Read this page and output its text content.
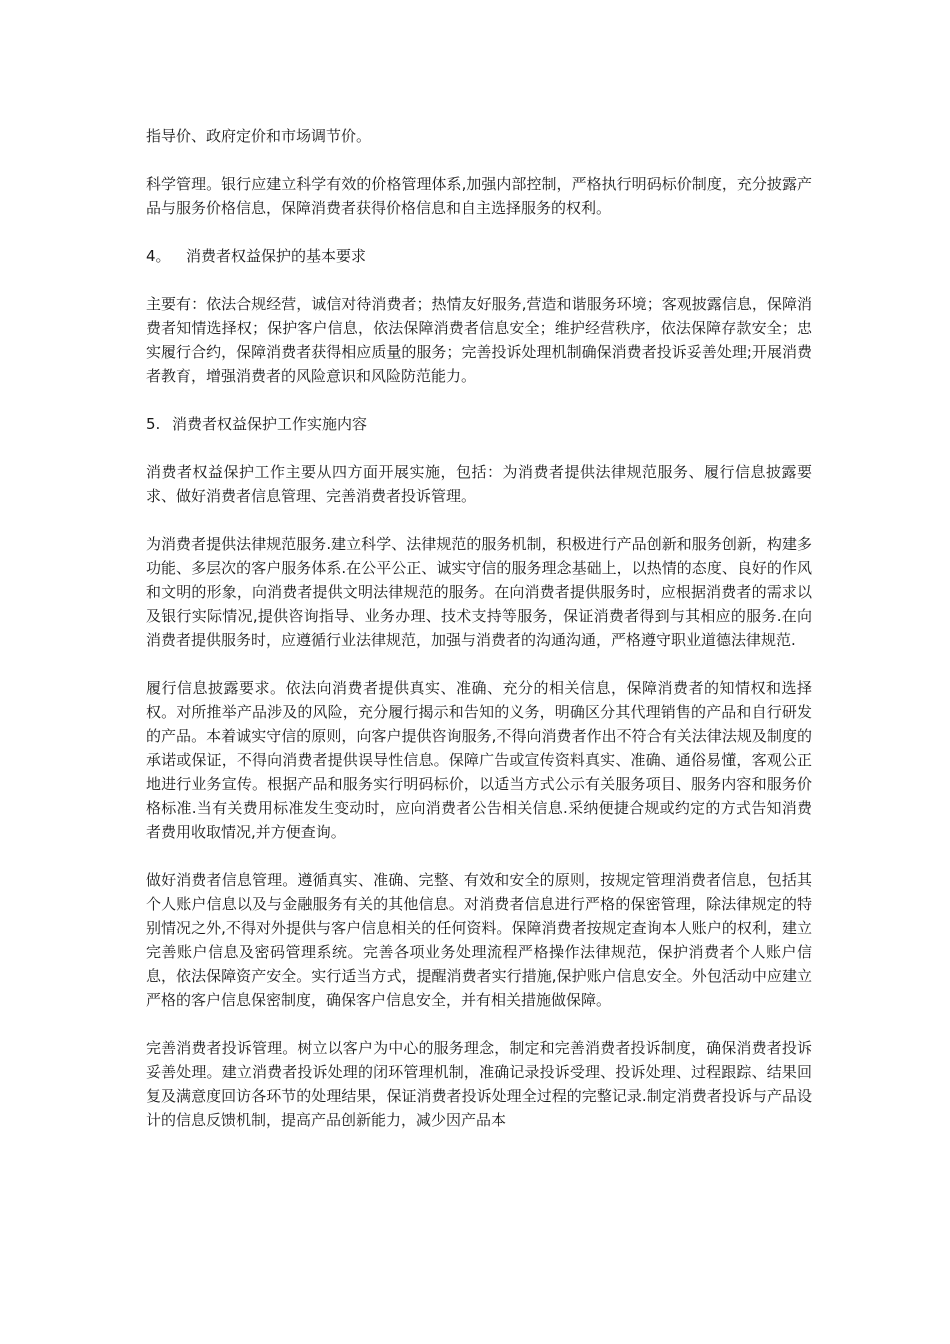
指导价、政府定价和市场调节价。

科学管理。银行应建立科学有效的价格管理体系,加强内部控制，严格执行明码标价制度，充分披露产品与服务价格信息，保障消费者获得价格信息和自主选择服务的权利。

4。 消费者权益保护的基本要求

主要有：依法合规经营，诚信对待消费者；热情友好服务,营造和谐服务环境；客观披露信息，保障消费者知情选择权；保护客户信息，依法保障消费者信息安全；维护经营秩序，依法保障存款安全；忠实履行合约，保障消费者获得相应质量的服务；完善投诉处理机制确保消费者投诉妥善处理;开展消费者教育，增强消费者的风险意识和风险防范能力。

5. 消费者权益保护工作实施内容

消费者权益保护工作主要从四方面开展实施，包括：为消费者提供法律规范服务、履行信息披露要求、做好消费者信息管理、完善消费者投诉管理。

为消费者提供法律规范服务.建立科学、法律规范的服务机制，积极进行产品创新和服务创新，构建多功能、多层次的客户服务体系.在公平公正、诚实守信的服务理念基础上，以热情的态度、良好的作风和文明的形象，向消费者提供文明法律规范的服务。在向消费者提供服务时，应根据消费者的需求以及银行实际情况,提供咨询指导、业务办理、技术支持等服务，保证消费者得到与其相应的服务.在向消费者提供服务时，应遵循行业法律规范，加强与消费者的沟通沟通，严格遵守职业道德法律规范.

履行信息披露要求。依法向消费者提供真实、准确、充分的相关信息，保障消费者的知情权和选择权。对所推举产品涉及的风险，充分履行揭示和告知的义务，明确区分其代理销售的产品和自行研发的产品。本着诚实守信的原则，向客户提供咨询服务,不得向消费者作出不符合有关法律法规及制度的承诺或保证，不得向消费者提供误导性信息。保障广告或宣传资料真实、准确、通俗易懂，客观公正地进行业务宣传。根据产品和服务实行明码标价，以适当方式公示有关服务项目、服务内容和服务价格标准.当有关费用标准发生变动时，应向消费者公告相关信息.采纳便捷合规或约定的方式告知消费者费用收取情况,并方便查询。

做好消费者信息管理。遵循真实、准确、完整、有效和安全的原则，按规定管理消费者信息，包括其个人账户信息以及与金融服务有关的其他信息。对消费者信息进行严格的保密管理，除法律规定的特别情况之外,不得对外提供与客户信息相关的任何资料。保障消费者按规定查询本人账户的权利，建立完善账户信息及密码管理系统。完善各项业务处理流程严格操作法律规范，保护消费者个人账户信息，依法保障资产安全。实行适当方式，提醒消费者实行措施,保护账户信息安全。外包活动中应建立严格的客户信息保密制度，确保客户信息安全，并有相关措施做保障。

完善消费者投诉管理。树立以客户为中心的服务理念，制定和完善消费者投诉制度，确保消费者投诉妥善处理。建立消费者投诉处理的闭环管理机制，准确记录投诉受理、投诉处理、过程跟踪、结果回复及满意度回访各环节的处理结果，保证消费者投诉处理全过程的完整记录.制定消费者投诉与产品设计的信息反馈机制，提高产品创新能力，减少因产品本
